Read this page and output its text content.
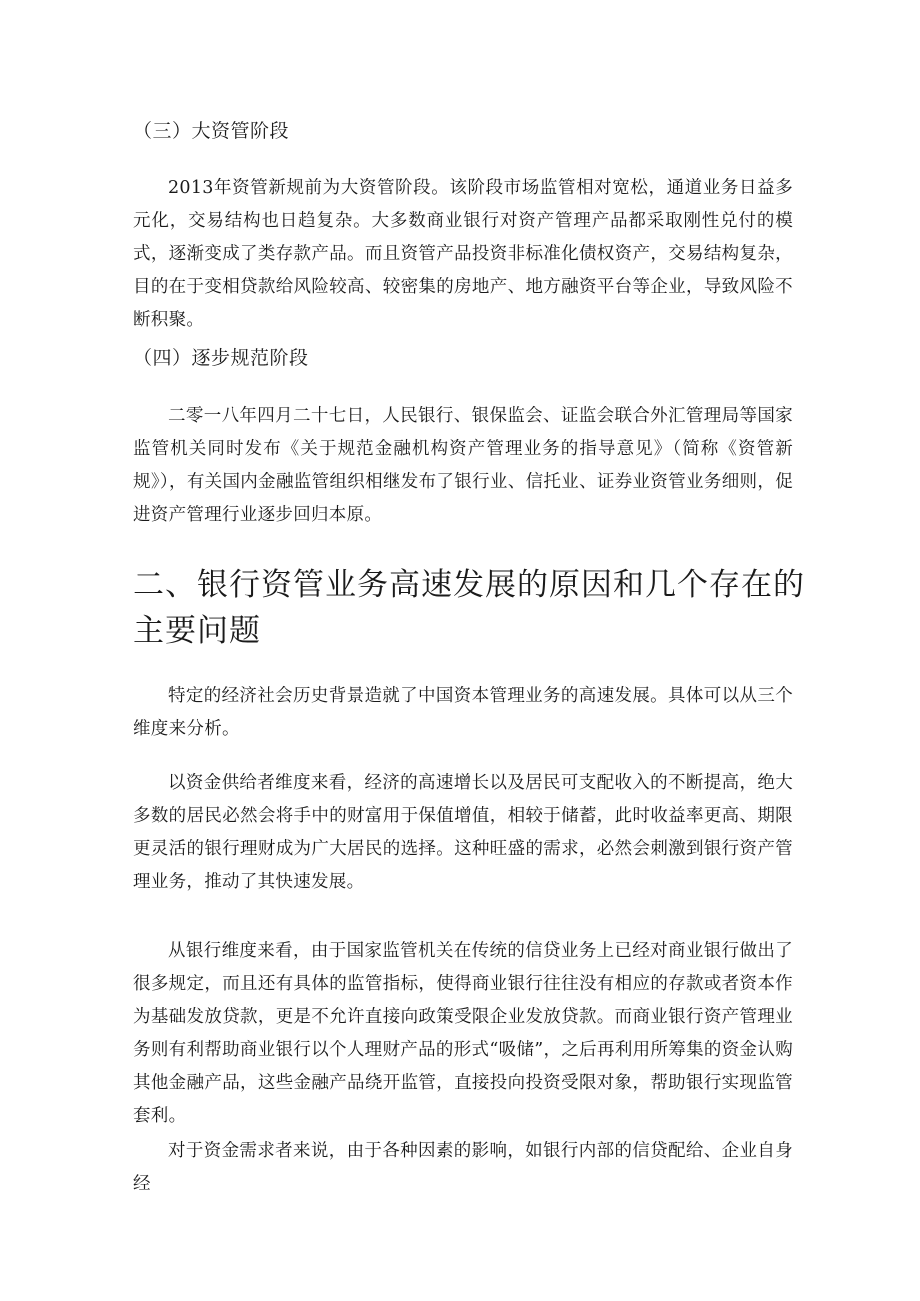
（三）大资管阶段
2013年资管新规前为大资管阶段。该阶段市场监管相对宽松，通道业务日益多元化，交易结构也日趋复杂。大多数商业银行对资产管理产品都采取刚性兑付的模式，逐渐变成了类存款产品。而且资管产品投资非标准化债权资产，交易结构复杂，目的在于变相贷款给风险较高、较密集的房地产、地方融资平台等企业，导致风险不断积聚。
（四）逐步规范阶段
二零一八年四月二十七日，人民银行、银保监会、证监会联合外汇管理局等国家监管机关同时发布《关于规范金融机构资产管理业务的指导意见》（简称《资管新规》），有关国内金融监管组织相继发布了银行业、信托业、证券业资管业务细则，促进资产管理行业逐步回归本原。
二、银行资管业务高速发展的原因和几个存在的主要问题
特定的经济社会历史背景造就了中国资本管理业务的高速发展。具体可以从三个维度来分析。
以资金供给者维度来看，经济的高速增长以及居民可支配收入的不断提高，绝大多数的居民必然会将手中的财富用于保值增值，相较于储蓄，此时收益率更高、期限更灵活的银行理财成为广大居民的选择。这种旺盛的需求，必然会刺激到银行资产管理业务，推动了其快速发展。
从银行维度来看，由于国家监管机关在传统的信贷业务上已经对商业银行做出了很多规定，而且还有具体的监管指标，使得商业银行往往没有相应的存款或者资本作为基础发放贷款，更是不允许直接向政策受限企业发放贷款。而商业银行资产管理业务则有利帮助商业银行以个人理财产品的形式“吸储”，之后再利用所筹集的资金认购其他金融产品，这些金融产品绕开监管，直接投向投资受限对象，帮助银行实现监管套利。
对于资金需求者来说，由于各种因素的影响，如银行内部的信贷配给、企业自身经
